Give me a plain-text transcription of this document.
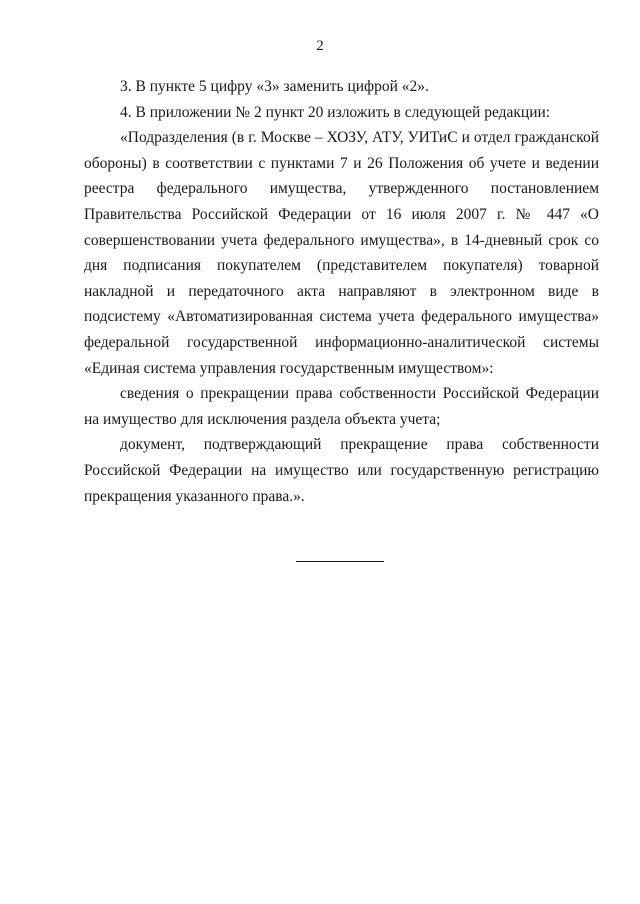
2

3. В пункте 5 цифру «3» заменить цифрой «2».

4. В приложении № 2 пункт 20 изложить в следующей редакции:

«Подразделения (в г. Москве – ХОЗУ, АТУ, УИТиС и отдел гражданской обороны) в соответствии с пунктами 7 и 26 Положения об учете и ведении реестра федерального имущества, утвержденного постановлением Правительства Российской Федерации от 16 июля 2007 г. № 447 «О совершенствовании учета федерального имущества», в 14-дневный срок со дня подписания покупателем (представителем покупателя) товарной накладной и передаточного акта направляют в электронном виде в подсистему «Автоматизированная система учета федерального имущества» федеральной государственной информационно-аналитической системы «Единая система управления государственным имуществом»:

сведения о прекращении права собственности Российской Федерации на имущество для исключения раздела объекта учета;

документ, подтверждающий прекращение права собственности Российской Федерации на имущество или государственную регистрацию прекращения указанного права.».
